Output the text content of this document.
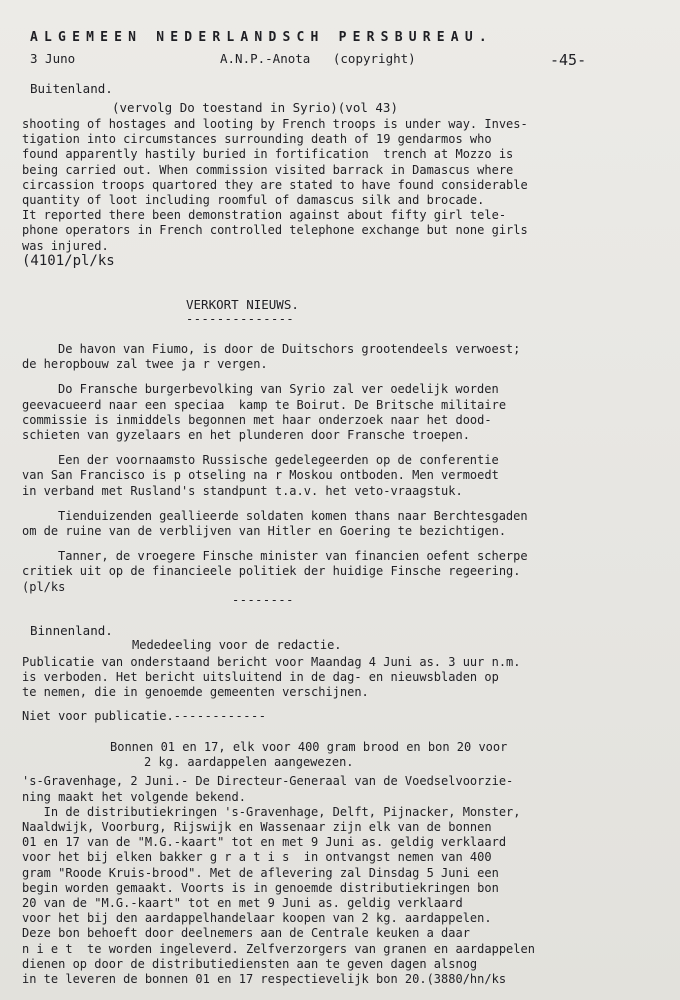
ALGEMEEN NEDERLANDSCH PERSBUREAU.
3 Juno	A.N.P.-Anota   (copyright)	-45-
Buitenland.
(vervolg Do toestand in Syrio)(vol 43)
shooting of hostages and looting by French troops is under way. Inves-
tigation into circumstances surrounding death of 19 gendarmos who
found apparently hastily buried in fortification  trench at Mozzo is
being carried out. When commission visited barrack in Damascus where
circassion troops quartored they are stated to have found considerable
quantity of loot including roomful of damascus silk and brocade.
It reported there been demonstration against about fifty girl tele-
phone operators in French controlled telephone exchange but none girls
was injured.
(4101/pl/ks
VERKORT NIEUWS.
--------------
De havon van Fiumo, is door de Duitschors grootendeels verwoest;
de heropbouw zal twee ja r vergen.
Do Fransche burgerbevolking van Syrio zal ver oedelijk worden
geevacueerd naar een speciaa  kamp te Boirut. De Britsche militaire
commissie is inmiddels begonnen met haar onderzoek naar het dood-
schieten van gyzelaars en het plunderen door Fransche troepen.
Een der voornaamsto Russische gedelegeerden op de conferentie
van San Francisco is p otseling na r Moskou ontboden. Men vermoedt
in verband met Rusland's standpunt t.a.v. het veto-vraagstuk.
Tienduizenden geallieerde soldaten komen thans naar Berchtesgaden
om de ruine van de verblijven van Hitler en Goering te bezichtigen.
Tanner, de vroegere Finsche minister van financien oefent scherpe
critiek uit op de financieele politiek der huidige Finsche regeering.
(pl/ks
--------
Binnenland.
Mededeeling voor de redactie.
Publicatie van onderstaand bericht voor Maandag 4 Juni as. 3 uur n.m.
is verboden. Het bericht uitsluitend in de dag- en nieuwsbladen op
te nemen, die in genoemde gemeenten verschijnen.
Niet voor publicatie. ------------
Bonnen 01 en 17, elk voor 400 gram brood en bon 20 voor
2 kg. aardappelen aangewezen.
's-Gravenhage, 2 Juni.- De Directeur-Generaal van de Voedselvoorzie-
ning maakt het volgende bekend.
In de distributiekringen 's-Gravenhage, Delft, Pijnacker, Monster,
Naaldwijk, Voorburg, Rijswijk en Wassenaar zijn elk van de bonnen
01 en 17 van de "M.G.-kaart" tot en met 9 Juni as. geldig verklaard
voor het bij elken bakker g r a t i s  in ontvangst nemen van 400
gram "Roode Kruis-brood". Met de aflevering zal Dinsdag 5 Juni een
begin worden gemaakt. Voorts is in genoemde distributiekringen bon
20 van de "M.G.-kaart" tot en met 9 Juni as. geldig verklaard
voor het bij den aardappelhandelaar koopen van 2 kg. aardappelen.
Deze bon behoeft door deelnemers aan de Centrale keuken a daar
n i e t  te worden ingeleverd. Zelfverzorgers van granen en aardappelen
dienen op door de distributiediensten aan te geven dagen alsnog
in te leveren de bonnen 01 en 17 respectievelijk bon 20.(3880/hn/ks
